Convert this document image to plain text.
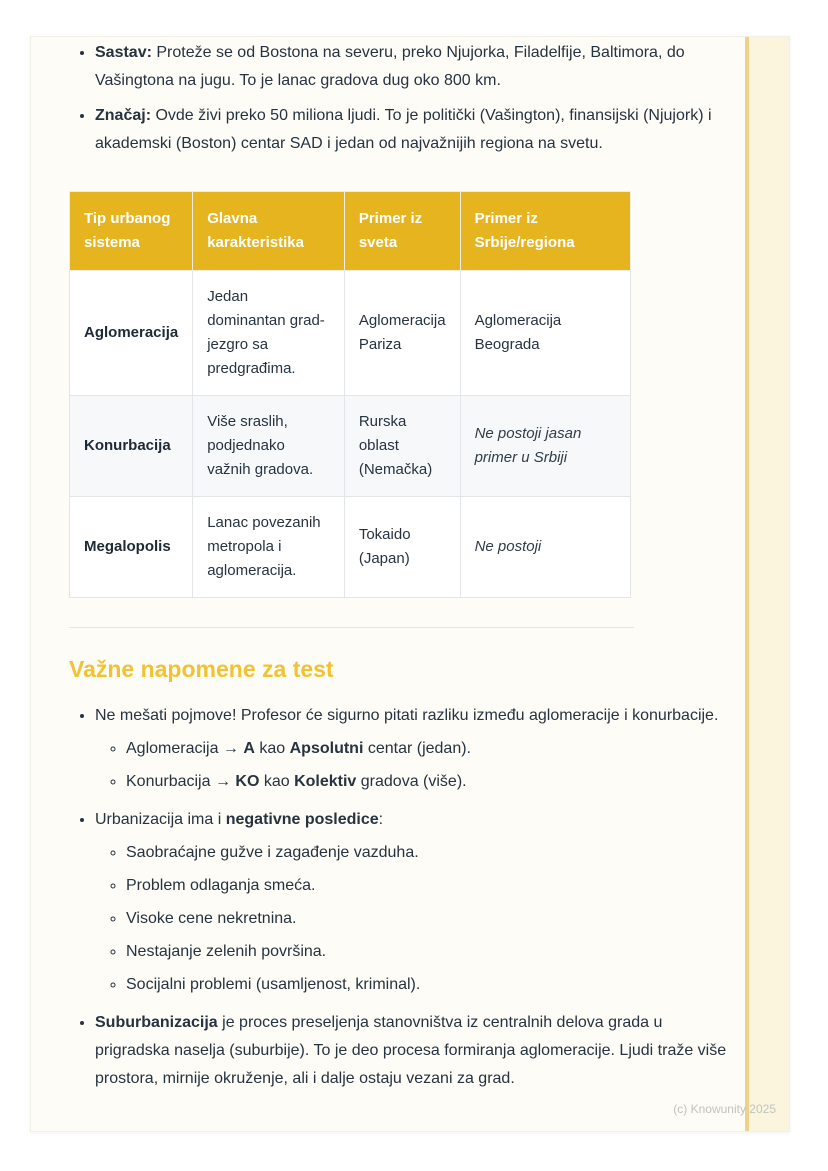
• Sastav: Proteže se od Bostona na severu, preko Njujorka, Filadelfije, Baltimora, do Vašingtona na jugu. To je lanac gradova dug oko 800 km.
• Značaj: Ovde živi preko 50 miliona ljudi. To je politički (Vašington), finansijski (Njujork) i akademski (Boston) centar SAD i jedan od najvažnijih regiona na svetu.
Tip urbanog sistema	Glavna karakteristika	Primer iz sveta	Primer iz Srbije/regiona
Aglomeracija	Jedan dominantan grad-jezgro sa predgrađima.	Aglomeracija Pariza	Aglomeracija Beograda
Konurbacija	Više sraslih, podjednako važnih gradova.	Rurska oblast (Nemačka)	Ne postoji jasan primer u Srbiji
Megalopolis	Lanac povezanih metropola i aglomeracija.	Tokaido (Japan)	Ne postoji
Važne napomene za test
• Ne mešati pojmove! Profesor će sigurno pitati razliku između aglomeracije i konurbacije.
◦ Aglomeracija → A kao Apsolutni centar (jedan).
◦ Konurbacija → KO kao Kolektiv gradova (više).
• Urbanizacija ima i negativne posledice:
◦ Saobraćajne gužve i zagađenje vazduha.
◦ Problem odlaganja smeća.
◦ Visoke cene nekretnina.
◦ Nestajanje zelenih površina.
◦ Socijalni problemi (usamljenost, kriminal).
• Suburbanizacija je proces preseljenja stanovništva iz centralnih delova grada u prigradska naselja (suburbije). To je deo procesa formiranja aglomeracije. Ljudi traže više prostora, mirnije okruženje, ali i dalje ostaju vezani za grad.
(c) Knowunity 2025
